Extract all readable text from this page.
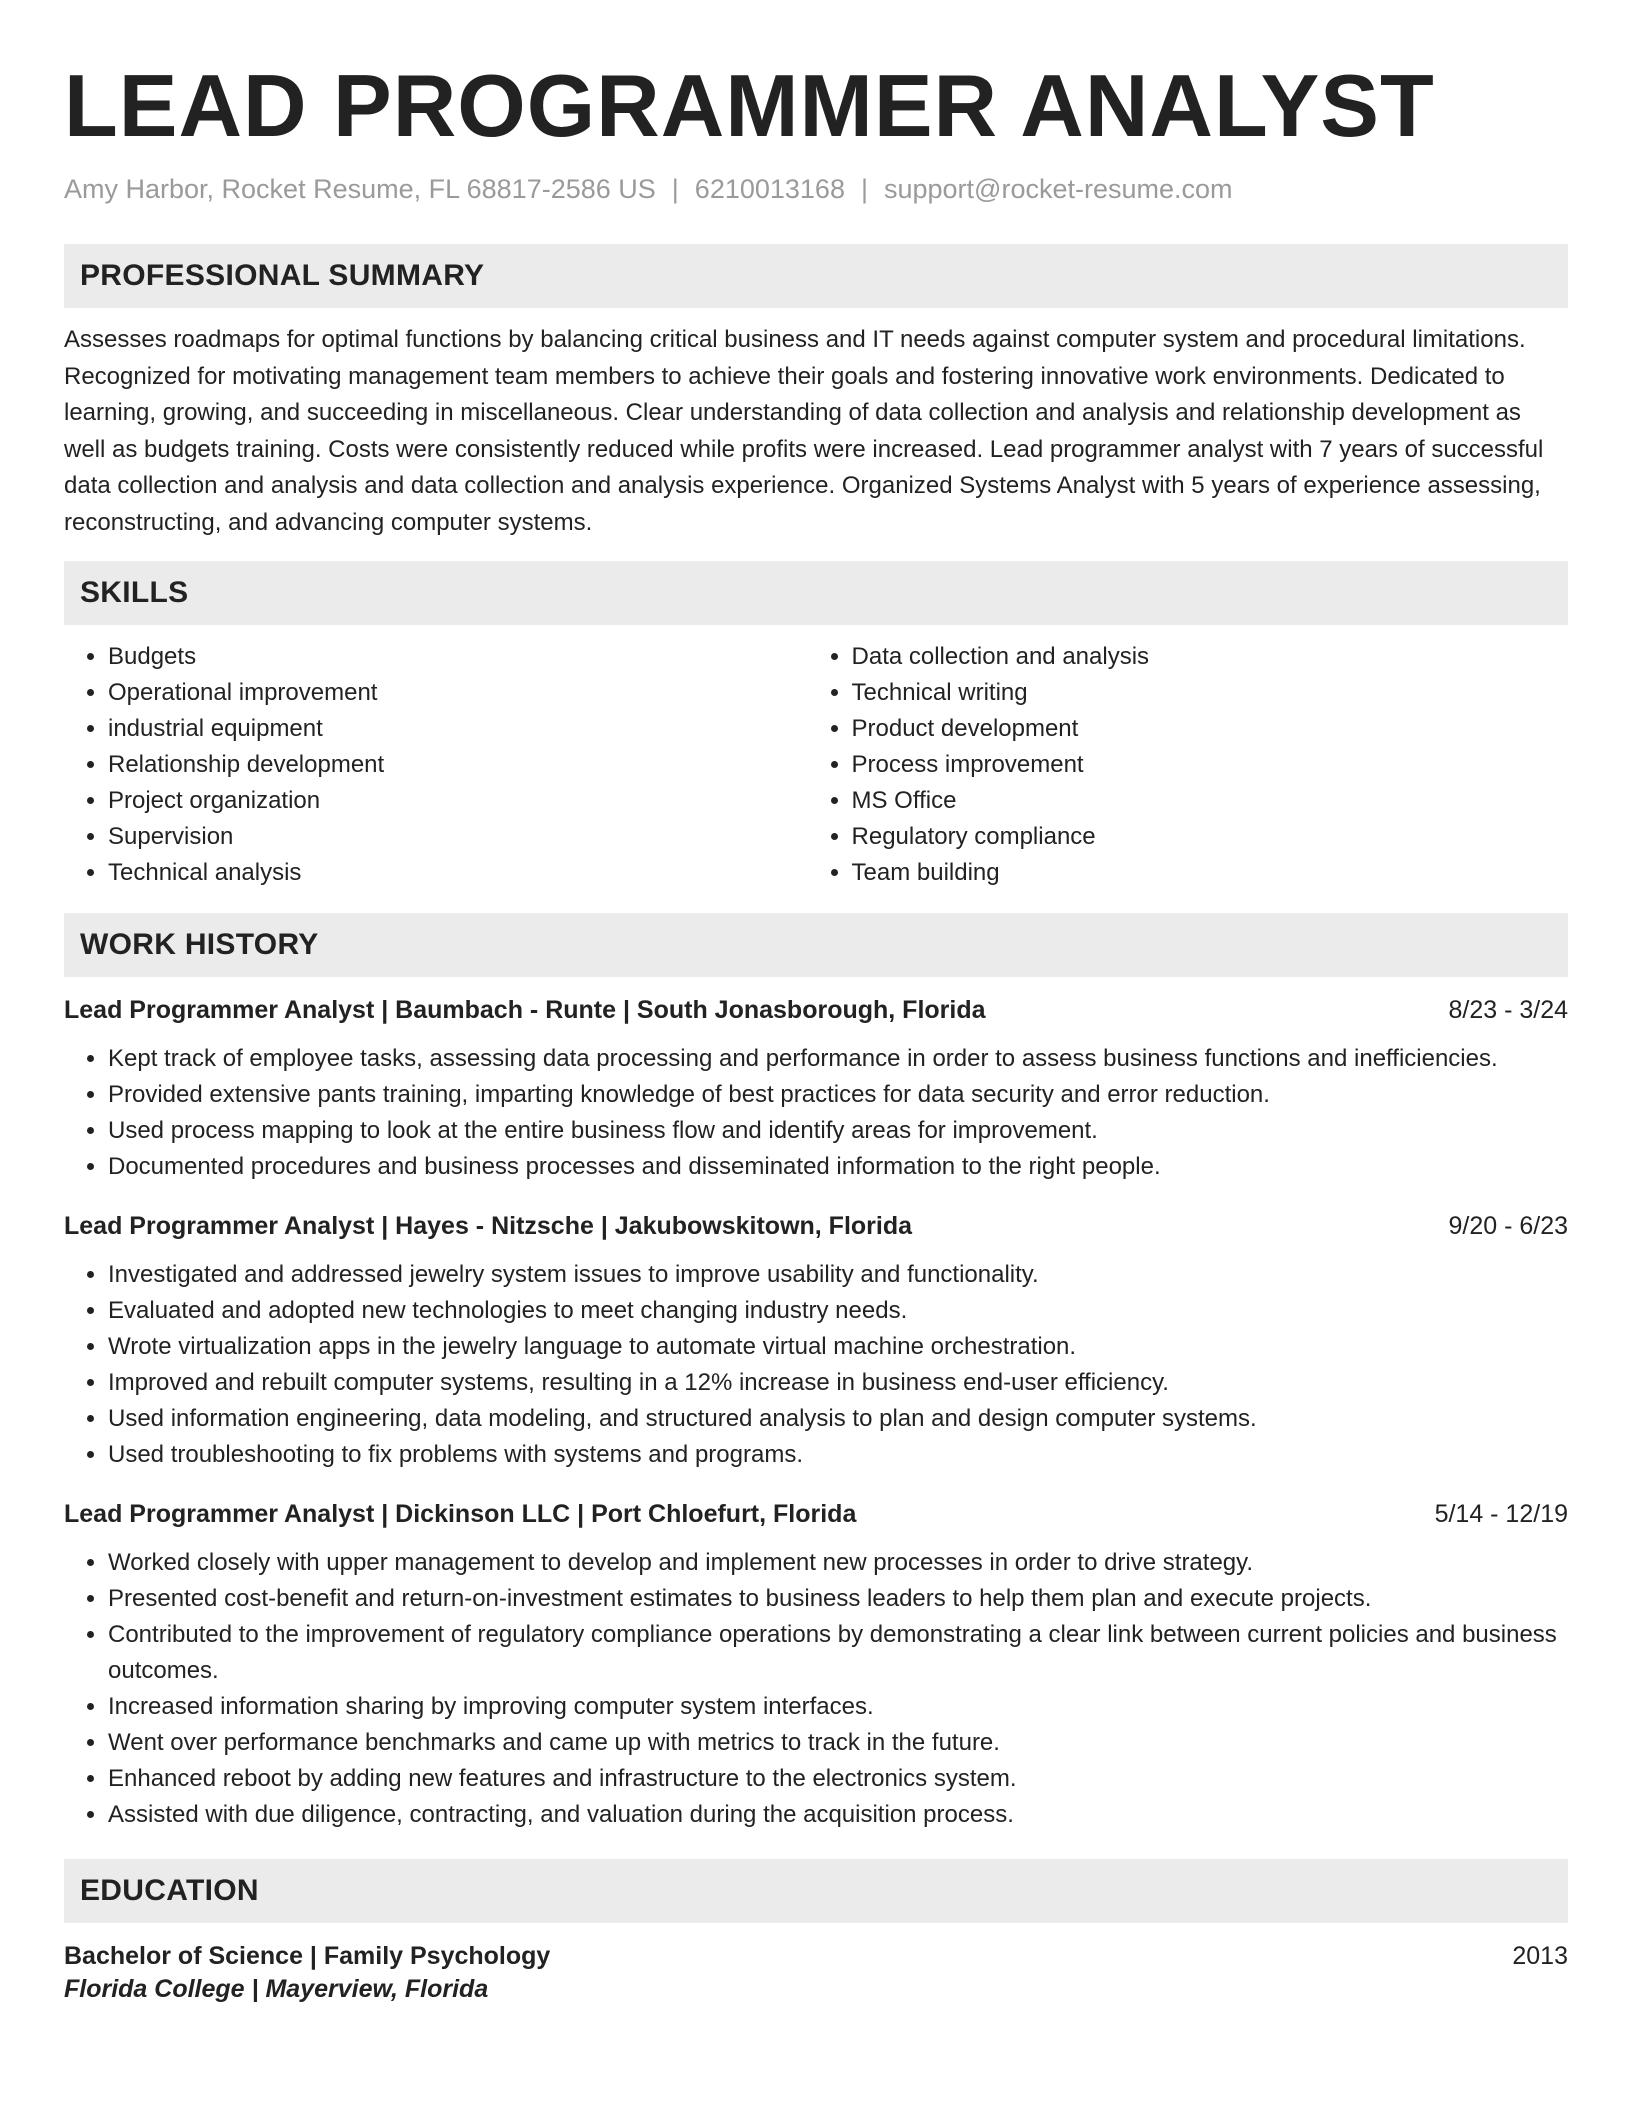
LEAD PROGRAMMER ANALYST
Amy Harbor, Rocket Resume, FL 68817-2586 US | 6210013168 | support@rocket-resume.com
PROFESSIONAL SUMMARY

Assesses roadmaps for optimal functions by balancing critical business and IT needs against computer system and procedural limitations. Recognized for motivating management team members to achieve their goals and fostering innovative work environments. Dedicated to learning, growing, and succeeding in miscellaneous. Clear understanding of data collection and analysis and relationship development as well as budgets training. Costs were consistently reduced while profits were increased. Lead programmer analyst with 7 years of successful data collection and analysis and data collection and analysis experience. Organized Systems Analyst with 5 years of experience assessing, reconstructing, and advancing computer systems.

SKILLS
• Budgets
• Operational improvement
• industrial equipment
• Relationship development
• Project organization
• Supervision
• Technical analysis
• Data collection and analysis
• Technical writing
• Product development
• Process improvement
• MS Office
• Regulatory compliance
• Team building
WORK HISTORY
Lead Programmer Analyst | Baumbach - Runte | South Jonasborough, Florida	8/23 - 3/24
• Kept track of employee tasks, assessing data processing and performance in order to assess business functions and inefficiencies.
• Provided extensive pants training, imparting knowledge of best practices for data security and error reduction.
• Used process mapping to look at the entire business flow and identify areas for improvement.
• Documented procedures and business processes and disseminated information to the right people.
Lead Programmer Analyst | Hayes - Nitzsche | Jakubowskitown, Florida	9/20 - 6/23
• Investigated and addressed jewelry system issues to improve usability and functionality.
• Evaluated and adopted new technologies to meet changing industry needs.
• Wrote virtualization apps in the jewelry language to automate virtual machine orchestration.
• Improved and rebuilt computer systems, resulting in a 12% increase in business end-user efficiency.
• Used information engineering, data modeling, and structured analysis to plan and design computer systems.
• Used troubleshooting to fix problems with systems and programs.
Lead Programmer Analyst | Dickinson LLC | Port Chloefurt, Florida	5/14 - 12/19
• Worked closely with upper management to develop and implement new processes in order to drive strategy.
• Presented cost-benefit and return-on-investment estimates to business leaders to help them plan and execute projects.
• Contributed to the improvement of regulatory compliance operations by demonstrating a clear link between current policies and business outcomes.
• Increased information sharing by improving computer system interfaces.
• Went over performance benchmarks and came up with metrics to track in the future.
• Enhanced reboot by adding new features and infrastructure to the electronics system.
• Assisted with due diligence, contracting, and valuation during the acquisition process.
EDUCATION
Bachelor of Science | Family Psychology	2013
Florida College | Mayerview, Florida
